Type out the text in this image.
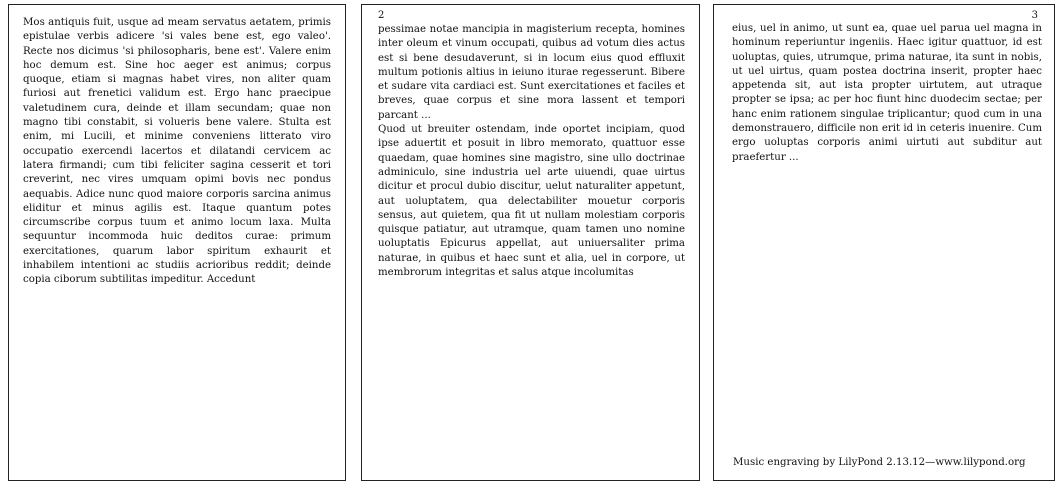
Mos antiquis fuit, usque ad meam servatus aetatem, primis epistulae verbis adicere 'si vales bene est, ego valeo'. Recte nos dicimus 'si philosopharis, bene est'. Valere enim hoc demum est. Sine hoc aeger est animus; corpus quoque, etiam si magnas habet vires, non aliter quam furiosi aut frenetici validum est. Ergo hanc praecipue valetudinem cura, deinde et illam secundam; quae non magno tibi constabit, si volueris bene valere. Stulta est enim, mi Lucili, et minime conveniens litterato viro occupatio exercendi lacertos et dilatandi cervicem ac latera firmandi; cum tibi feliciter sagina cesserit et tori creverint, nec vires umquam opimi bovis nec pondus aequabis. Adice nunc quod maiore corporis sarcina animus eliditur et minus agilis est. Itaque quantum potes circumscribe corpus tuum et animo locum laxa. Multa sequuntur incommoda huic deditos curae: primum exercitationes, quarum labor spiritum exhaurit et inhabilem intentioni ac studiis acrioribus reddit; deinde copia ciborum subtilitas impeditur. Accedunt

2

pessimae notae mancipia in magisterium recepta, homines inter oleum et vinum occupati, quibus ad votum dies actus est si bene desudaverunt, si in locum eius quod effluxit multum potionis altius in ieiuno iturae regesserunt. Bibere et sudare vita cardiaci est. Sunt exercitationes et faciles et breves, quae corpus et sine mora lassent et tempori parcant ...

Quod ut breuiter ostendam, inde oportet incipiam, quod ipse aduertit et posuit in libro memorato, quattuor esse quaedam, quae homines sine magistro, sine ullo doctrinae adminiculo, sine industria uel arte uiuendi, quae uirtus dicitur et procul dubio discitur, uelut naturaliter appetunt, aut uoluptatem, qua delectabiliter mouetur corporis sensus, aut quietem, qua fit ut nullam molestiam corporis quisque patiatur, aut utramque, quam tamen uno nomine uoluptatis Epicurus appellat, aut uniuersaliter prima naturae, in quibus et haec sunt et alia, uel in corpore, ut membrorum integritas et salus atque incolumitas

3

eius, uel in animo, ut sunt ea, quae uel parua uel magna in hominum reperiuntur ingeniis. Haec igitur quattuor, id est uoluptas, quies, utrumque, prima naturae, ita sunt in nobis, ut uel uirtus, quam postea doctrina inserit, propter haec appetenda sit, aut ista propter uirtutem, aut utraque propter se ipsa; ac per hoc fiunt hinc duodecim sectae; per hanc enim rationem singulae triplicantur; quod cum in una demonstrauero, difficile non erit id in ceteris inuenire. Cum ergo uoluptas corporis animi uirtuti aut subditur aut praefertur ...

Music engraving by LilyPond 2.13.12—www.lilypond.org
